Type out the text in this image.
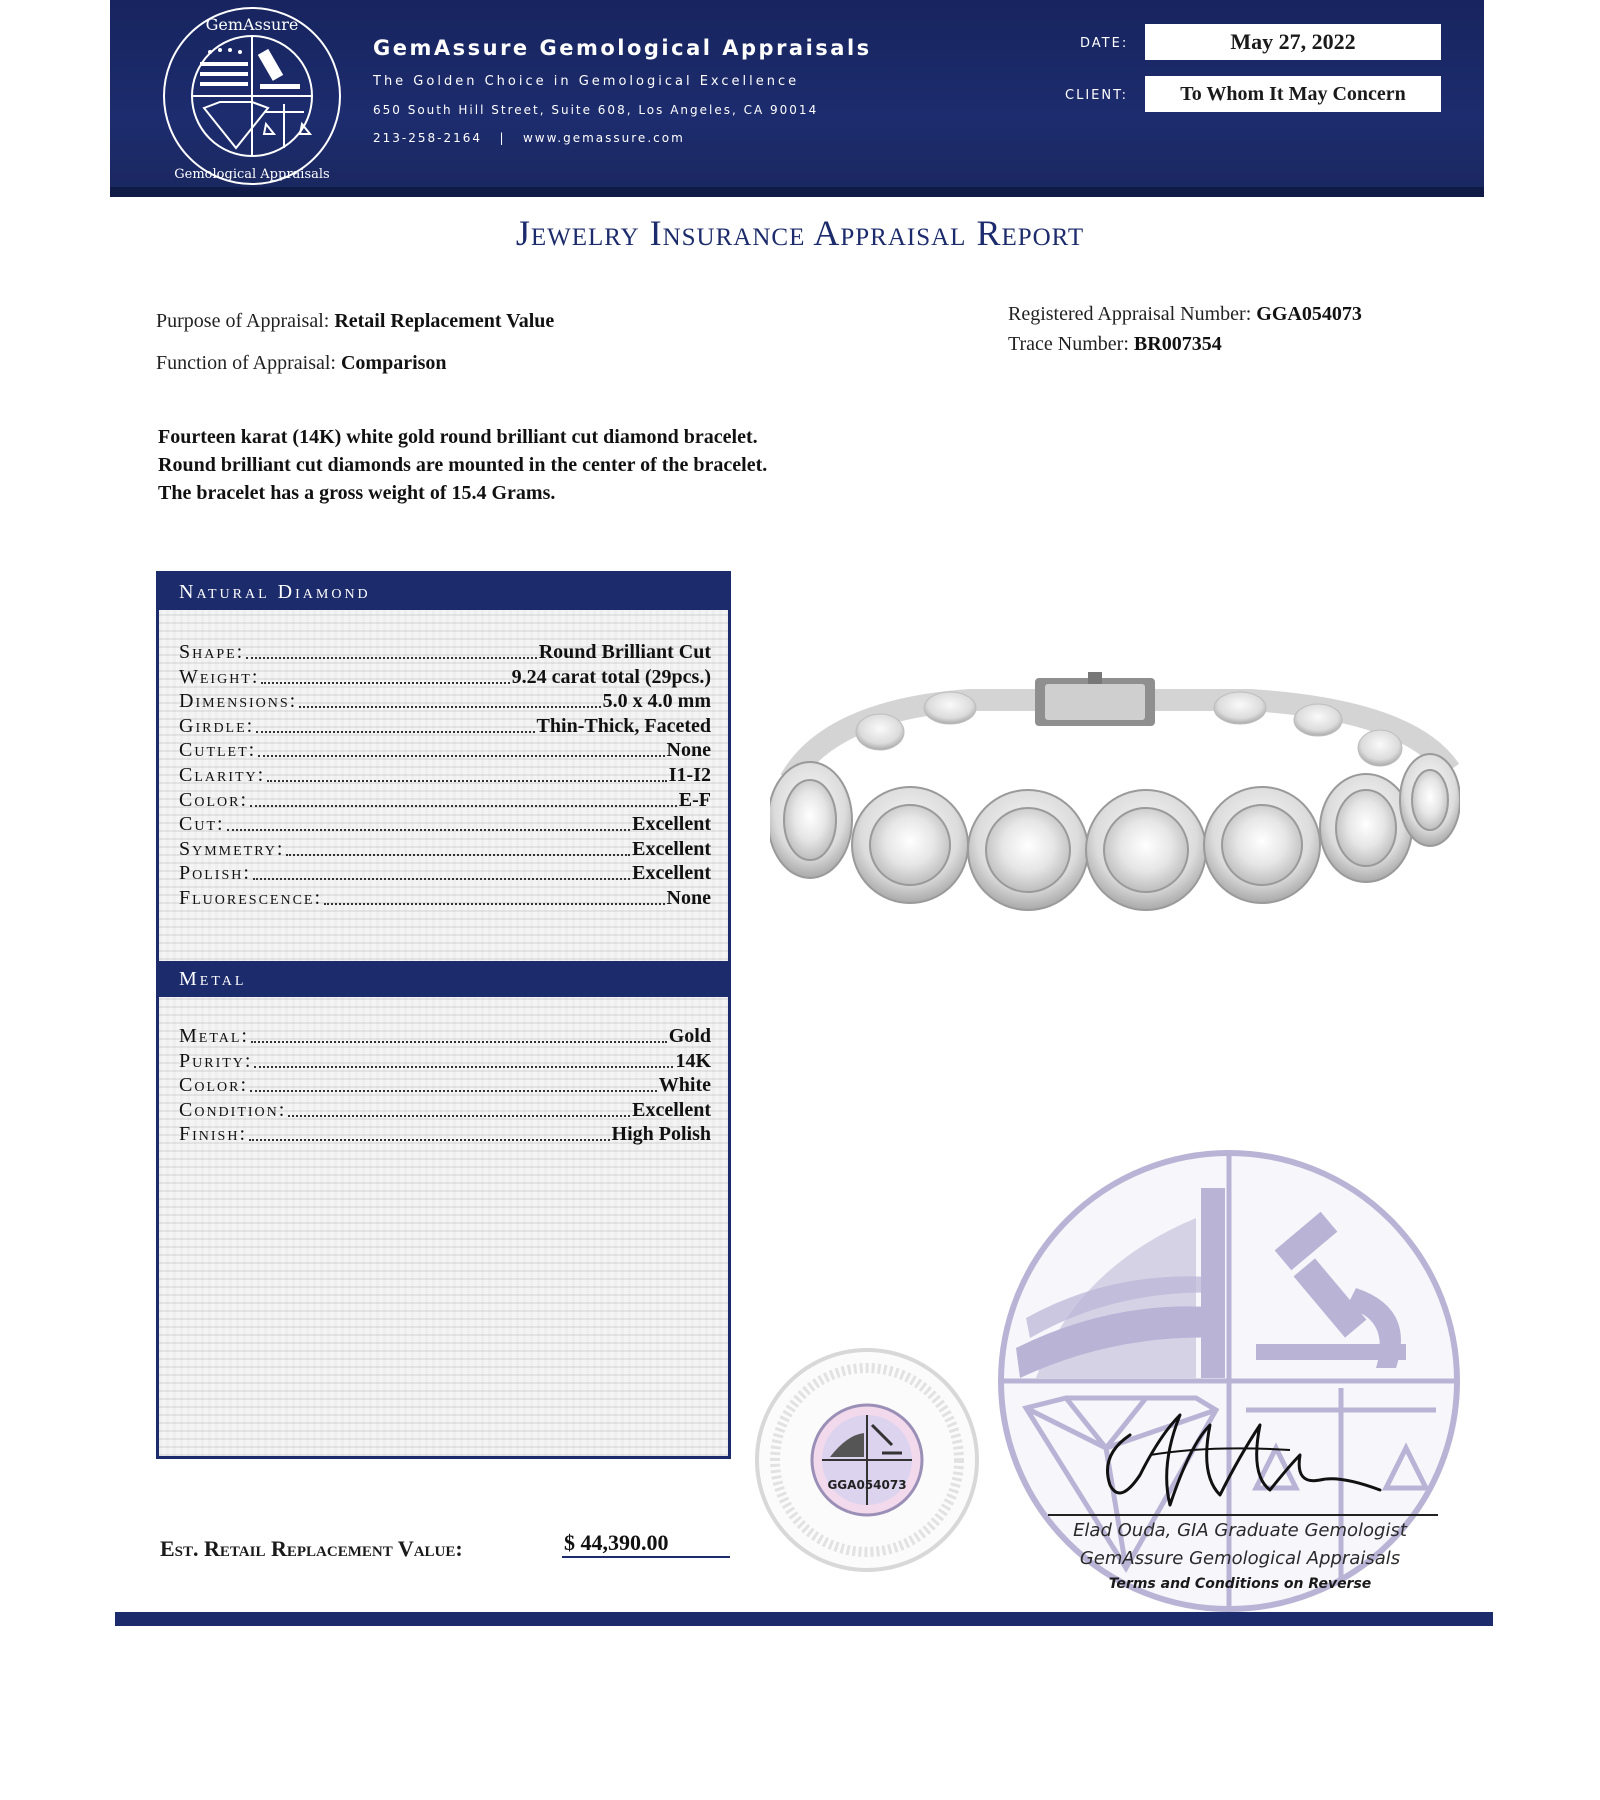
GemAssure
Gemological Appraisals
GemAssure Gemological Appraisals
The Golden Choice in Gemological Excellence
650 South Hill Street, Suite 608, Los Angeles, CA 90014
213-258-2164   |   www.gemassure.com
DATE:	May 27, 2022
CLIENT:	To Whom It May Concern
Jewelry Insurance Appraisal Report
Purpose of Appraisal: Retail Replacement Value
Function of Appraisal: Comparison
Registered Appraisal Number: GGA054073
Trace Number: BR007354
Fourteen karat (14K) white gold round brilliant cut diamond bracelet.
Round brilliant cut diamonds are mounted in the center of the bracelet.
The bracelet has a gross weight of 15.4 Grams.
Natural Diamond
Shape:	Round Brilliant Cut
Weight:	9.24 carat total (29pcs.)
Dimensions:	5.0 x 4.0 mm
Girdle:	Thin-Thick, Faceted
Cutlet:	None
Clarity:	I1-I2
Color:	E-F
Cut:	Excellent
Symmetry:	Excellent
Polish:	Excellent
Fluorescence:	None
Metal
Metal:	Gold
Purity:	14K
Color:	White
Condition:	Excellent
Finish:	High Polish
GGA054073
Elad Ouda, GIA Graduate Gemologist
GemAssure Gemological Appraisals
Terms and Conditions on Reverse
Est. Retail Replacement Value:	$ 44,390.00
